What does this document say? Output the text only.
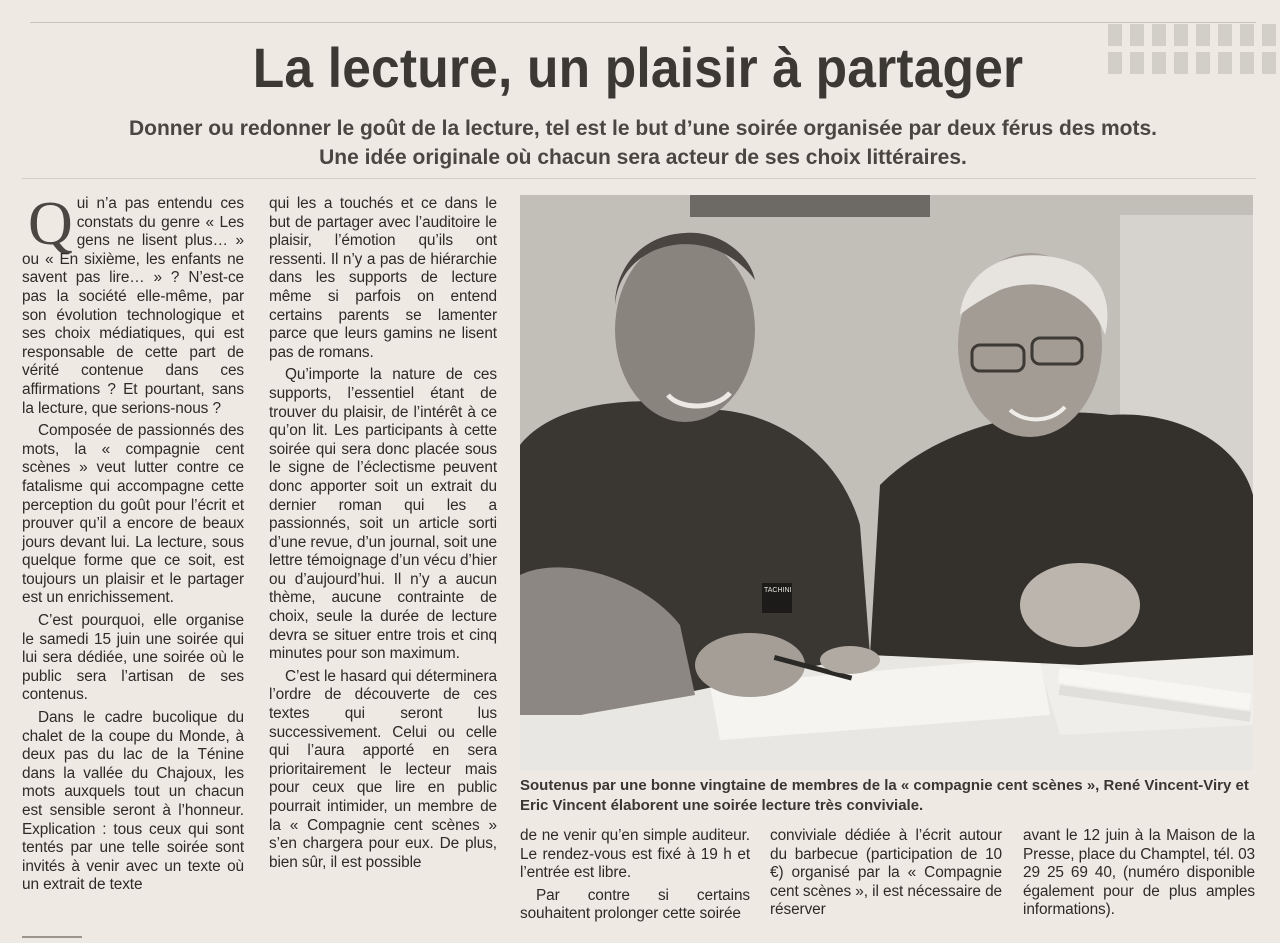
La lecture, un plaisir à partager
Donner ou redonner le goût de la lecture, tel est le but d’une soirée organisée par deux férus des mots.
Une idée originale où chacun sera acteur de ses choix littéraires.

Qui n’a pas entendu ces constats du genre « Les gens ne lisent plus… » ou « En sixième, les enfants ne savent pas lire… » ? N’est-ce pas la société elle-même, par son évolution technologique et ses choix médiatiques, qui est responsable de cette part de vérité contenue dans ces affirmations ? Et pourtant, sans la lecture, que serions-nous ?

Composée de passionnés des mots, la « compagnie cent scènes » veut lutter contre ce fatalisme qui accompagne cette perception du goût pour l’écrit et prouver qu’il a encore de beaux jours devant lui. La lecture, sous quelque forme que ce soit, est toujours un plaisir et le partager est un enrichissement.

C’est pourquoi, elle organise le samedi 15 juin une soirée qui lui sera dédiée, une soirée où le public sera l’artisan de ses contenus.

Dans le cadre bucolique du chalet de la coupe du Monde, à deux pas du lac de la Ténine dans la vallée du Chajoux, les mots auxquels tout un chacun est sensible seront à l’honneur. Explication : tous ceux qui sont tentés par une telle soirée sont invités à venir avec un texte où un extrait de texte

qui les a touchés et ce dans le but de partager avec l’auditoire le plaisir, l’émotion qu’ils ont ressenti. Il n’y a pas de hiérarchie dans les supports de lecture même si parfois on entend certains parents se lamenter parce que leurs gamins ne lisent pas de romans.

Qu’importe la nature de ces supports, l’essentiel étant de trouver du plaisir, de l’intérêt à ce qu’on lit. Les participants à cette soirée qui sera donc placée sous le signe de l’éclectisme peuvent donc apporter soit un extrait du dernier roman qui les a passionnés, soit un article sorti d’une revue, d’un journal, soit une lettre témoignage d’un vécu d’hier ou d’aujourd’hui. Il n’y a aucun thème, aucune contrainte de choix, seule la durée de lecture devra se situer entre trois et cinq minutes pour son maximum.

C’est le hasard qui déterminera l’ordre de découverte de ces textes qui seront lus successivement. Celui ou celle qui l’aura apporté en sera prioritairement le lecteur mais pour ceux que lire en public pourrait intimider, un membre de la « Compagnie cent scènes » s’en chargera pour eux. De plus, bien sûr, il est possible

TACHINI

Soutenus par une bonne vingtaine de membres de la « compagnie cent scènes », René Vincent-Viry et Eric Vincent élaborent une soirée lecture très conviviale.

de ne venir qu’en simple auditeur. Le rendez-vous est fixé à 19 h et l’entrée est libre.

Par contre si certains souhaitent prolonger cette soirée

conviviale dédiée à l’écrit autour du barbecue (participation de 10 €) organisé par la « Compagnie cent scènes », il est nécessaire de réserver

avant le 12 juin à la Maison de la Presse, place du Champtel, tél. 03 29 25 69 40, (numéro disponible également pour de plus amples informations).
